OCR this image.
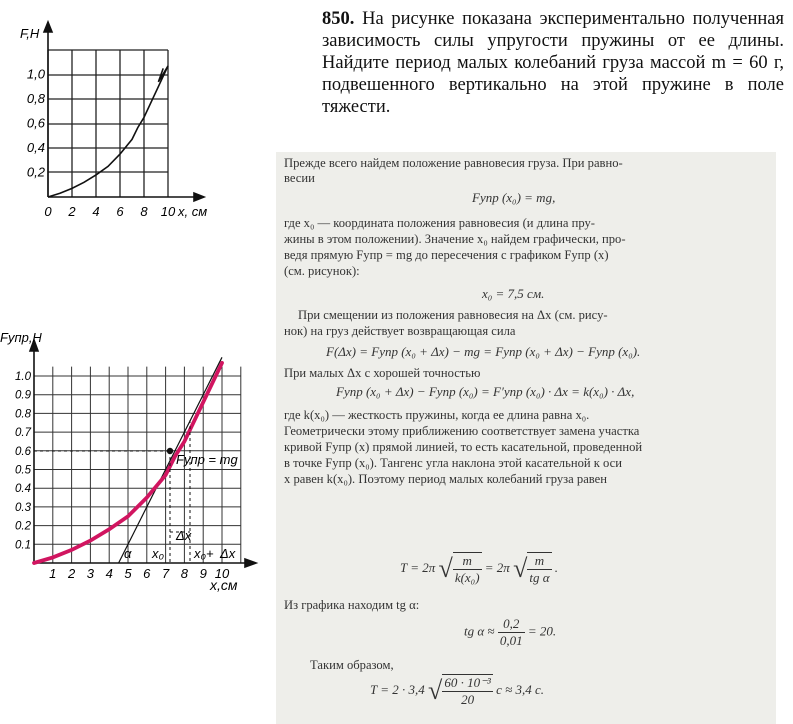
850. На рисунке показана экспериментально полученная зависимость силы упругости пружины от ее длины. Найдите период малых колебаний груза массой m = 60 г, подвешенного вертикально на этой пружине в поле тяжести.
F,Н
x, см
1,0
0,8
0,6
0,4
0,2
0 2 4 6 8 10
Fупр,Н
x,см
Fупр = mg
Δx
Δx
α x₀ x₀+
1.0
0.9
0.8
0.7
0.6
0.5
0.4
0.3
0.2
0.1
1 2 3 4 5 6 7 8 9 10
Прежде всего найдем положение равновесия груза. При равно-
весии
Fупр (x₀) = mg,
где x₀ — координата положения равновесия (и длина пру-
жины в этом положении). Значение x₀ найдем графически, про-
ведя прямую Fупр = mg до пересечения с графиком Fупр (x)
(см. рисунок):
x₀ = 7,5 см.
При смещении из положения равновесия на Δx (см. рису-
нок) на груз действует возвращающая сила
F(Δx) = Fупр (x₀ + Δx) − mg = Fупр (x₀ + Δx) − Fупр (x₀).
При малых Δx с хорошей точностью
Fупр (x₀ + Δx) − Fупр (x₀) = F′упр (x₀) · Δx = k(x₀) · Δx,
где k(x₀) — жесткость пружины, когда ее длина равна x₀.
Геометрически этому приближению соответствует замена участка
кривой Fупр (x) прямой линией, то есть касательной, проведенной
в точке Fупр (x₀). Тангенс угла наклона этой касательной к оси
x равен k(x₀). Поэтому период малых колебаний груза равен
T = 2π √ $\frac{m}{\text{k(x₀)}} = 2\pi$ √ $\frac{m}{\text{tg α}}$ .
Из графика находим tg α:
tg $\alpha \approx \frac{0,2}{0,01} = 20$.
Таким образом,
T = 2 · 3,4 √ $\frac{\text{60 · 10⁻³}}{20}$ с ≈ 3,4 с.
